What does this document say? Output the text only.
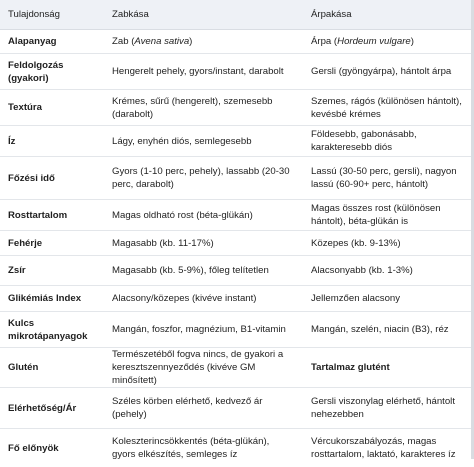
Tulajdonság	Zabkása	Árpakása
Alapanyag	Zab (Avena sativa)	Árpa (Hordeum vulgare)
Feldolgozás (gyakori)	Hengerelt pehely, gyors/instant, darabolt	Gersli (gyöngyárpa), hántolt árpa
Textúra	Krémes, sűrű (hengerelt), szemesebb (darabolt)	Szemes, rágós (különösen hántolt), kevésbé krémes
Íz	Lágy, enyhén diós, semlegesebb	Földesebb, gabonásabb, karakteresebb diós
Főzési idő	Gyors (1-10 perc, pehely), lassabb (20-30 perc, darabolt)	Lassú (30-50 perc, gersli), nagyon lassú (60-90+ perc, hántolt)
Rosttartalom	Magas oldható rost (béta-glükán)	Magas összes rost (különösen hántolt), béta-glükán is
Fehérje	Magasabb (kb. 11-17%)	Közepes (kb. 9-13%)
Zsír	Magasabb (kb. 5-9%), főleg telítetlen	Alacsonyabb (kb. 1-3%)
Glikémiás Index	Alacsony/közepes (kivéve instant)	Jellemzően alacsony
Kulcs mikrotápanyagok	Mangán, foszfor, magnézium, B1-vitamin	Mangán, szelén, niacin (B3), réz
Glutén	Természetéből fogva nincs, de gyakori a keresztszennyeződés (kivéve GM minősített)	Tartalmaz glutént
Elérhetőség/Ár	Széles körben elérhető, kedvező ár (pehely)	Gersli viszonylag elérhető, hántolt nehezebben
Fő előnyök	Koleszterincsökkentés (béta-glükán), gyors elkészítés, semleges íz	Vércukorszabályozás, magas rosttartalom, laktató, karakteres íz
